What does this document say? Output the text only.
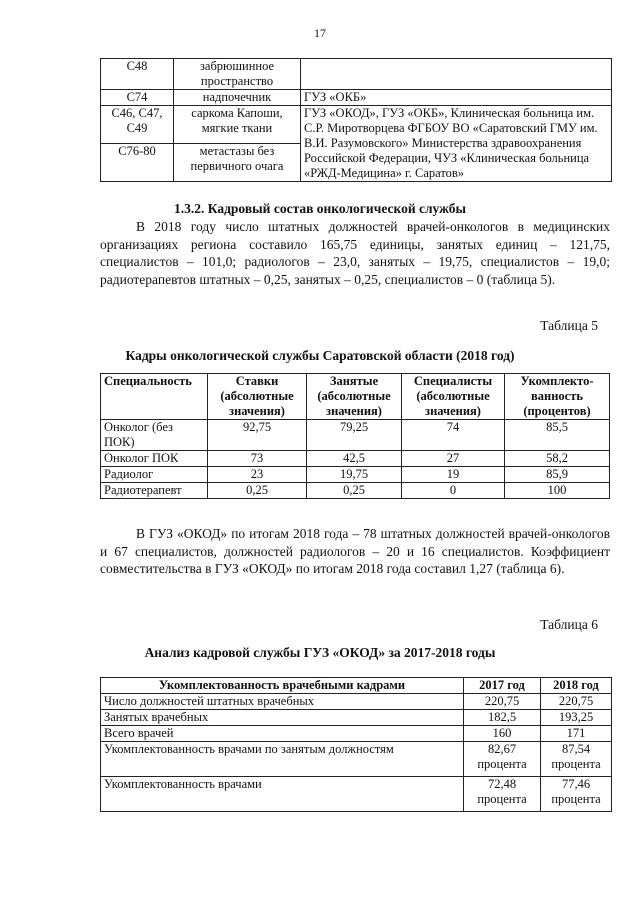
17
C48	забрюшинное пространство	
C74	надпочечник	ГУЗ «ОКБ»
C46, C47, C49	саркома Капоши, мягкие ткани	ГУЗ «ОКОД», ГУЗ «ОКБ», Клиническая больница им. С.Р. Миротворцева ФГБОУ ВО «Саратовский ГМУ им. В.И. Разумовского» Министерства здравоохранения Российской Федерации, ЧУЗ «Клиническая больница «РЖД-Медицина» г. Саратов»
C76-80	метастазы без первичного очага	
1.3.2. Кадровый состав онкологической службы

В 2018 году число штатных должностей врачей-онкологов в медицинских организациях региона составило 165,75 единицы, занятых единиц – 121,75, специалистов – 101,0; радиологов – 23,0, занятых – 19,75, специалистов – 19,0; радиотерапевтов штатных – 0,25, занятых – 0,25, специалистов – 0 (таблица 5).

Таблица 5
Кадры онкологической службы Саратовской области (2018 год)
Специальность	Ставки (абсолютные значения)	Занятые (абсолютные значения)	Специалисты (абсолютные значения)	Укомплекто-ванность (процентов)
Онколог (без ПОК)	92,75	79,25	74	85,5
Онколог ПОК	73	42,5	27	58,2
Радиолог	23	19,75	19	85,9
Радиотерапевт	0,25	0,25	0	100

В ГУЗ «ОКОД» по итогам 2018 года – 78 штатных должностей врачей-онкологов и 67 специалистов, должностей радиологов – 20 и 16 специалистов. Коэффициент совместительства в ГУЗ «ОКОД» по итогам 2018 года составил 1,27 (таблица 6).

Таблица 6
Анализ кадровой службы ГУЗ «ОКОД» за 2017-2018 годы
Укомплектованность врачебными кадрами	2017 год	2018 год
Число должностей штатных врачебных	220,75	220,75
Занятых врачебных	182,5	193,25
Всего врачей	160	171
Укомплектованность врачами по занятым должностям	82,67 процента	87,54 процента
Укомплектованность врачами	72,48 процента	77,46 процента
